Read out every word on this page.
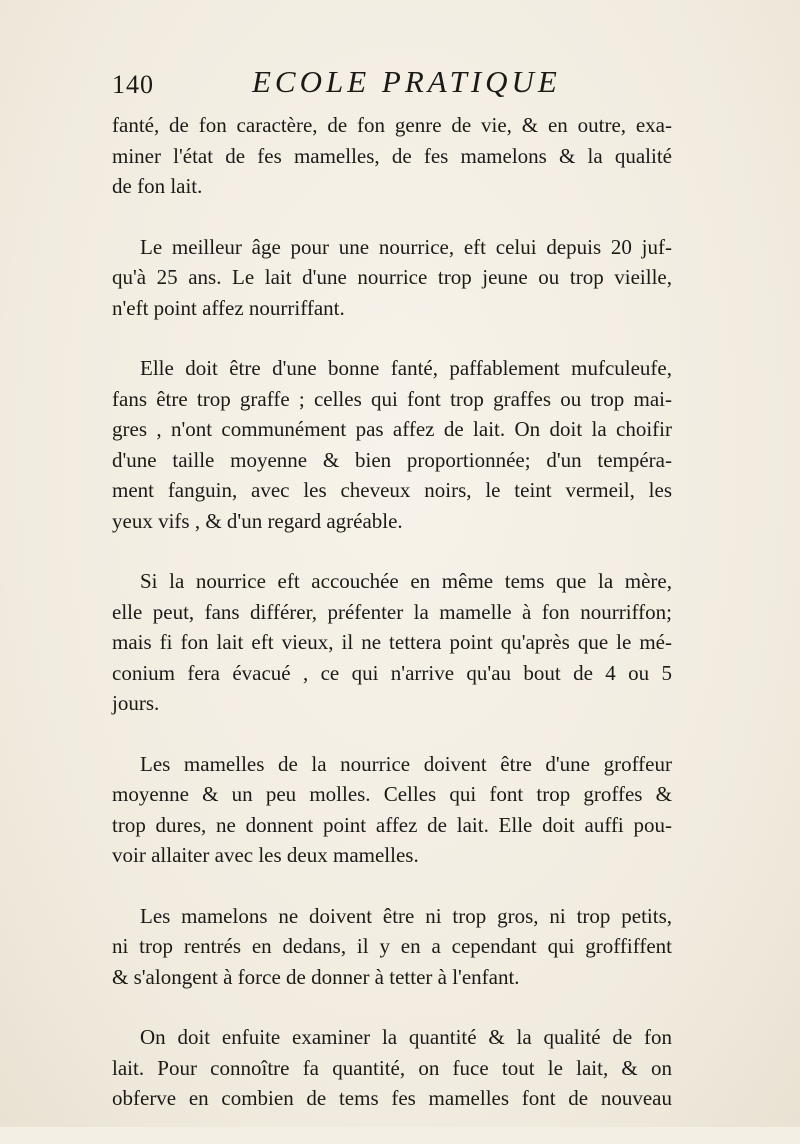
140	ECOLE PRATIQUE

fanté, de fon caractère, de fon genre de vie, & en outre, exa-
miner l'état de fes mamelles, de fes mamelons & la qualité
de fon lait.

Le meilleur âge pour une nourrice, eft celui depuis 20 juf-
qu'à 25 ans. Le lait d'une nourrice trop jeune ou trop vieille,
n'eft point affez nourriffant.

Elle doit être d'une bonne fanté, paffablement mufculeufe,
fans être trop graffe ; celles qui font trop graffes ou trop mai-
gres , n'ont communément pas affez de lait. On doit la choifir
d'une taille moyenne & bien proportionnée; d'un tempéra-
ment fanguin, avec les cheveux noirs, le teint vermeil, les
yeux vifs , & d'un regard agréable.

Si la nourrice eft accouchée en même tems que la mère,
elle peut, fans différer, préfenter la mamelle à fon nourriffon;
mais fi fon lait eft vieux, il ne tettera point qu'après que le mé-
conium fera évacué , ce qui n'arrive qu'au bout de 4 ou 5
jours.

Les mamelles de la nourrice doivent être d'une groffeur
moyenne & un peu molles. Celles qui font trop groffes &
trop dures, ne donnent point affez de lait. Elle doit auffi pou-
voir allaiter avec les deux mamelles.

Les mamelons ne doivent être ni trop gros, ni trop petits,
ni trop rentrés en dedans, il y en a cependant qui groffiffent
& s'alongent à force de donner à tetter à l'enfant.

On doit enfuite examiner la quantité & la qualité de fon
lait. Pour connoître fa quantité, on fuce tout le lait, & on
obferve en combien de tems fes mamelles font de nouveau
